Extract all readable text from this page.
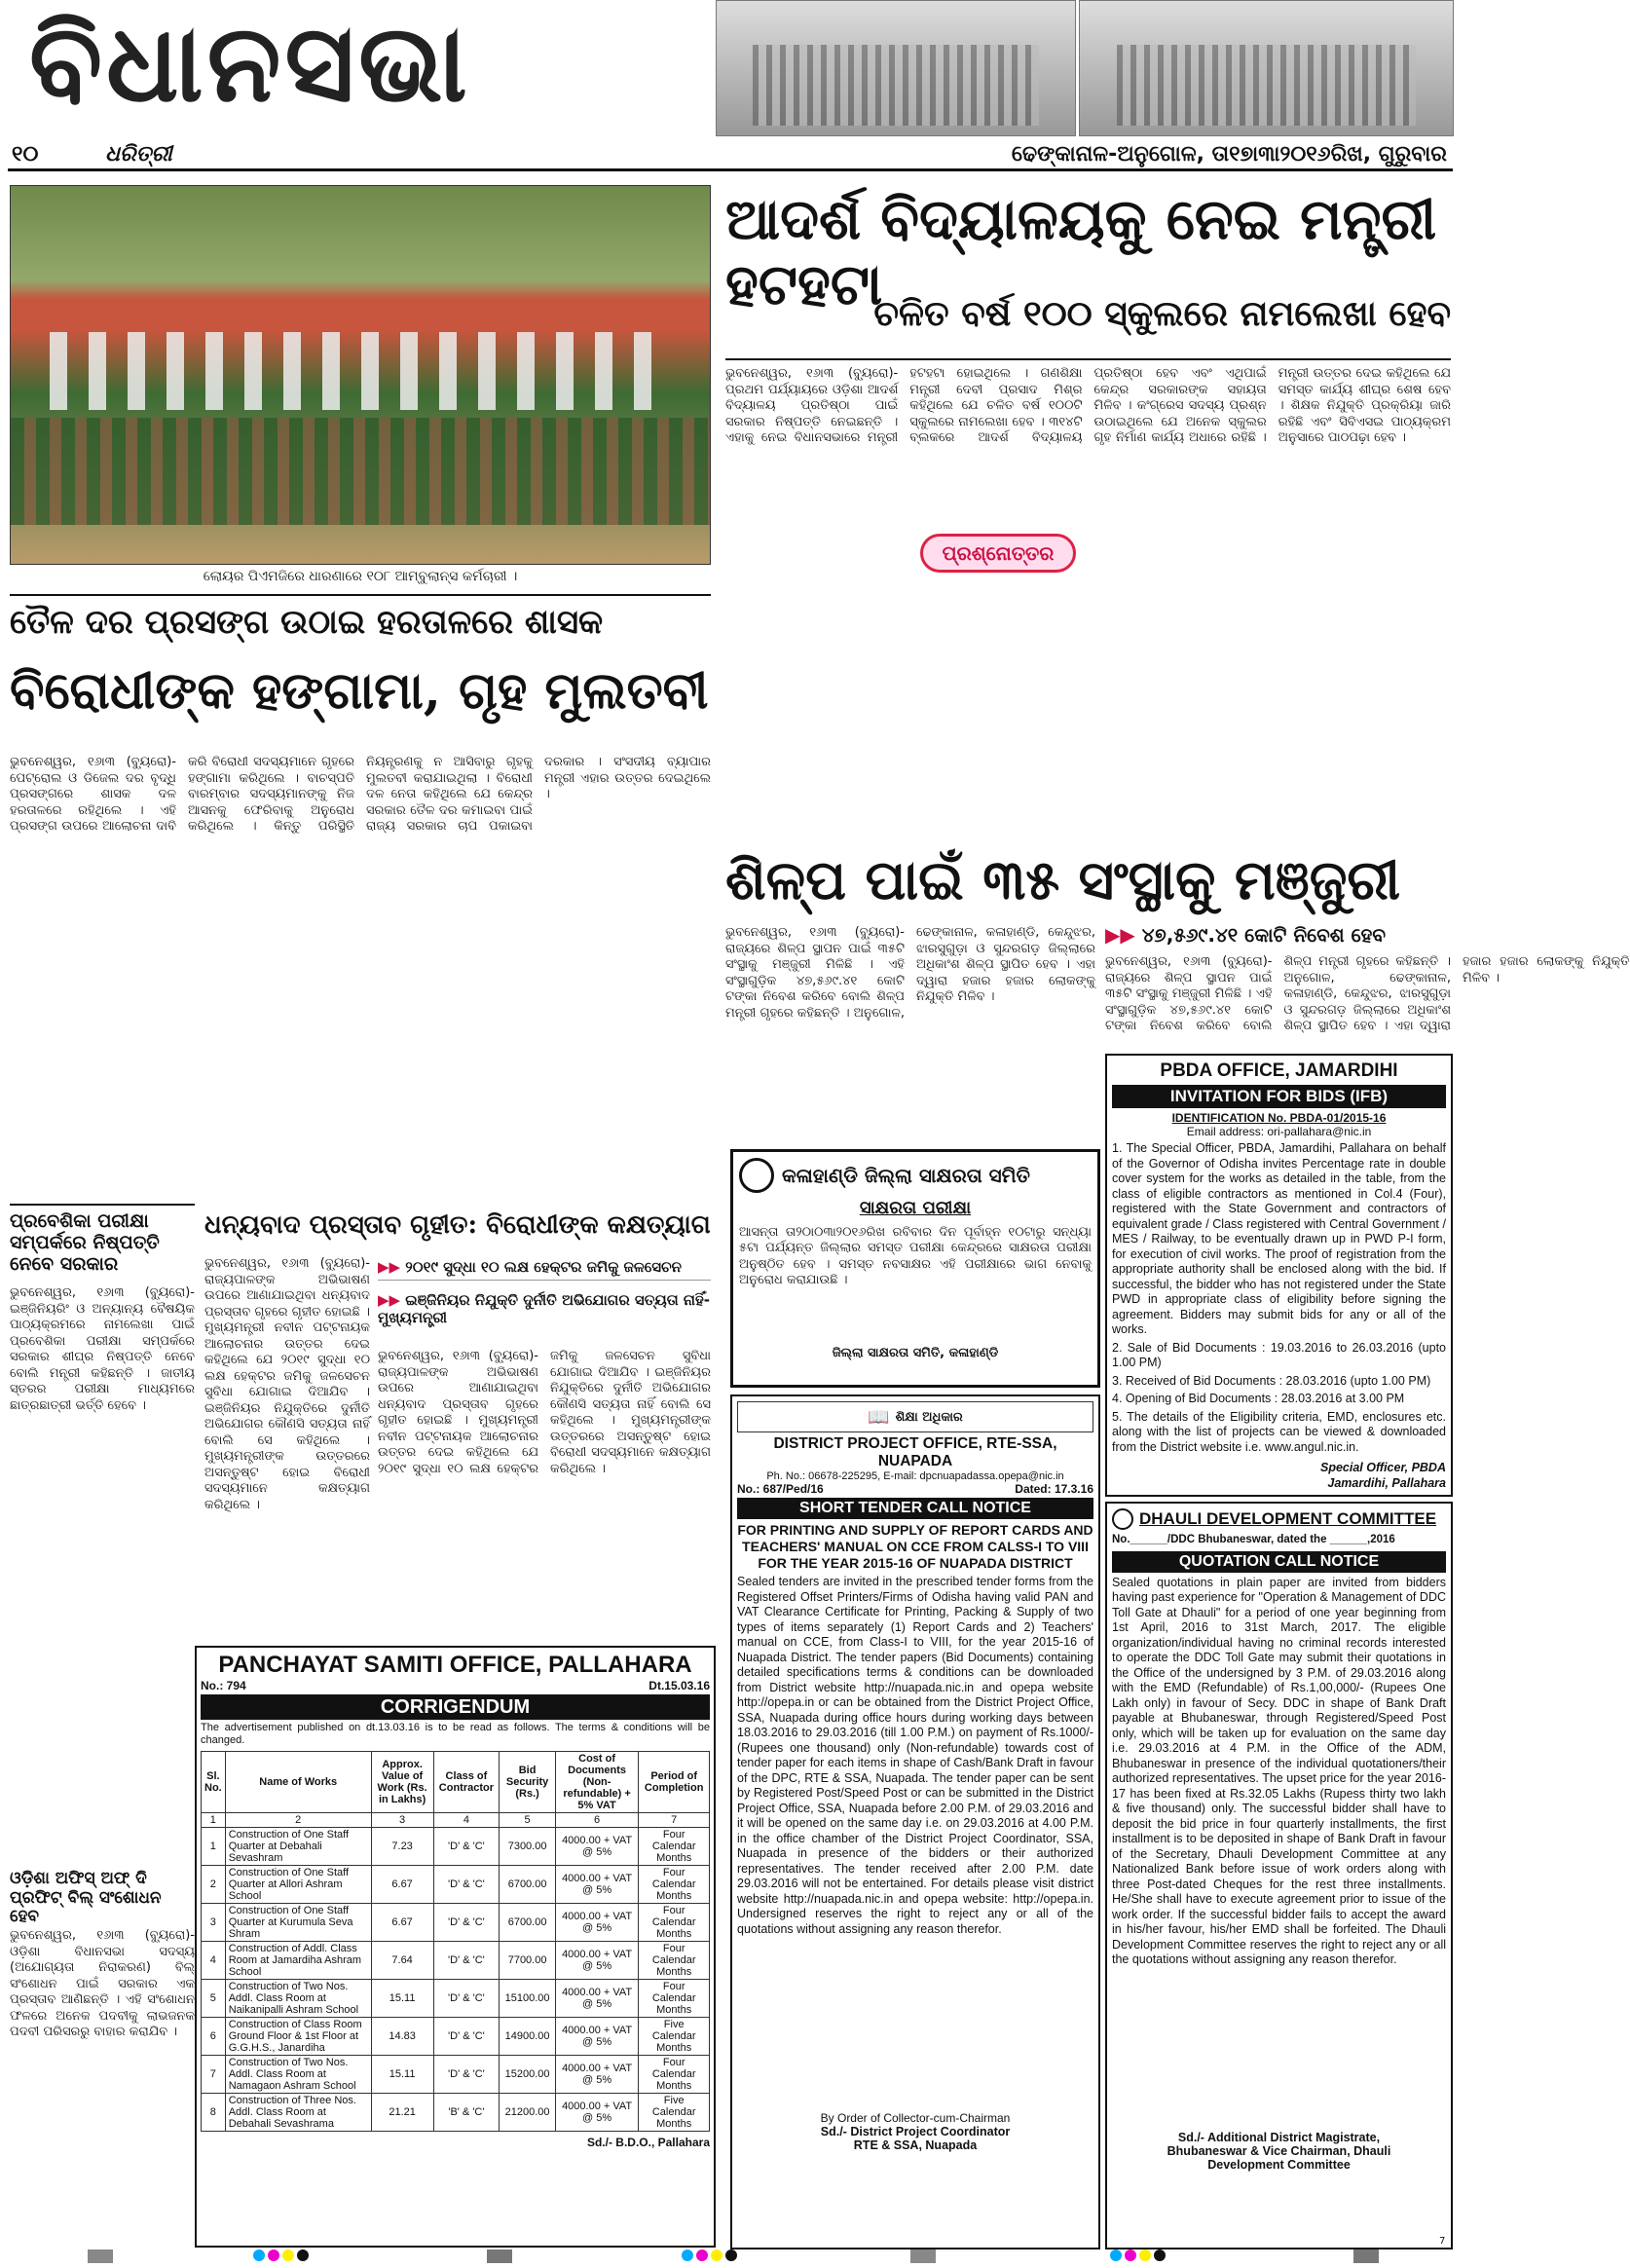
ବିଧାନସଭା
୧୦	ଧରିତ୍ରୀ	ଢେଙ୍କାନାଳ-ଅନୁଗୋଳ, ତା୧୭ା୩ା୨୦୧୬ରିଖ, ଗୁରୁବାର
ଲୋୟର ପିଏମଜିରେ ଧାରଣାରେ ୧୦୮ ଆମ୍ବୁଲାନ୍ସ କର୍ମଚାରୀ ।
ଆଦର୍ଶ ବିଦ୍ୟାଳୟକୁ ନେଇ ମନ୍ତ୍ରୀ ହଟହଟା
ଚଳିତ ବର୍ଷ ୧୦୦ ସ୍କୁଲରେ ନାମଲେଖା ହେବ
ଭୁବନେଶ୍ୱର, ୧୬ା୩ (ବ୍ୟୁରୋ)- ପ୍ରଥମ ପର୍ଯ୍ୟାୟରେ ଓଡ଼ିଶା ଆଦର୍ଶ ବିଦ୍ୟାଳୟ ପ୍ରତିଷ୍ଠା ପାଇଁ ସରକାର ନିଷ୍ପତ୍ତି ନେଇଛନ୍ତି । ଏହାକୁ ନେଇ ବିଧାନସଭାରେ ମନ୍ତ୍ରୀ ହଟହଟା ହୋଇଥିଲେ । ଗଣଶିକ୍ଷା ମନ୍ତ୍ରୀ ଦେବୀ ପ୍ରସାଦ ମିଶ୍ର କହିଥିଲେ ଯେ ଚଳିତ ବର୍ଷ ୧୦୦ଟି ସ୍କୁଲରେ ନାମଲେଖା ହେବ । ୩୧୪ଟି ବ୍ଲକରେ ଆଦର୍ଶ ବିଦ୍ୟାଳୟ ପ୍ରତିଷ୍ଠା ହେବ ଏବଂ ଏଥିପାଇଁ କେନ୍ଦ୍ର ସରକାରଙ୍କ ସହାୟତା ମିଳିବ । କଂଗ୍ରେସ ସଦସ୍ୟ ପ୍ରଶ୍ନ ଉଠାଇଥିଲେ ଯେ ଅନେକ ସ୍କୁଲର ଗୃହ ନିର୍ମାଣ କାର୍ଯ୍ୟ ଅଧାରେ ରହିଛି । ମନ୍ତ୍ରୀ ଉତ୍ତର ଦେଇ କହିଥିଲେ ଯେ ସମସ୍ତ କାର୍ଯ୍ୟ ଶୀଘ୍ର ଶେଷ ହେବ । ଶିକ୍ଷକ ନିଯୁକ୍ତି ପ୍ରକ୍ରିୟା ଜାରି ରହିଛି ଏବଂ ସିବିଏସଇ ପାଠ୍ୟକ୍ରମ ଅନୁସାରେ ପାଠପଢ଼ା ହେବ ।
ପ୍ରଶ୍ନୋତ୍ତର
ତୈଳ ଦର ପ୍ରସଙ୍ଗ ଉଠାଇ ହରତାଳରେ ଶାସକ
ବିରୋଧୀଙ୍କ ହଙ୍ଗାମା, ଗୃହ ମୁଲତବୀ
ଭୁବନେଶ୍ୱର, ୧୬ା୩ (ବ୍ୟୁରୋ)- ପେଟ୍ରୋଲ ଓ ଡିଜେଲ ଦର ବୃଦ୍ଧି ପ୍ରସଙ୍ଗରେ ଶାସକ ଦଳ ହରତାଳରେ ରହିଥିଲେ । ଏହି ପ୍ରସଙ୍ଗ ଉପରେ ଆଲୋଚନା ଦାବି କରି ବିରୋଧୀ ସଦସ୍ୟମାନେ ଗୃହରେ ହଙ୍ଗାମା କରିଥିଲେ । ବାଚସ୍ପତି ବାରମ୍ବାର ସଦସ୍ୟମାନଙ୍କୁ ନିଜ ଆସନକୁ ଫେରିବାକୁ ଅନୁରୋଧ କରିଥିଲେ । କିନ୍ତୁ ପରିସ୍ଥିତି ନିୟନ୍ତ୍ରଣକୁ ନ ଆସିବାରୁ ଗୃହକୁ ମୁଲତବୀ କରାଯାଇଥିଲା । ବିରୋଧୀ ଦଳ ନେତା କହିଥିଲେ ଯେ କେନ୍ଦ୍ର ସରକାର ତୈଳ ଦର କମାଇବା ପାଇଁ ରାଜ୍ୟ ସରକାର ଚାପ ପକାଇବା ଦରକାର । ସଂସଦୀୟ ବ୍ୟାପାର ମନ୍ତ୍ରୀ ଏହାର ଉତ୍ତର ଦେଇଥିଲେ ।
ପ୍ରବେଶିକା ପରୀକ୍ଷା ସମ୍ପର୍କରେ ନିଷ୍ପତ୍ତି ନେବେ ସରକାର
ଭୁବନେଶ୍ୱର, ୧୬ା୩ (ବ୍ୟୁରୋ)- ଇଞ୍ଜିନିୟରିଂ ଓ ଅନ୍ୟାନ୍ୟ ବୈଷୟିକ ପାଠ୍ୟକ୍ରମରେ ନାମଲେଖା ପାଇଁ ପ୍ରବେଶିକା ପରୀକ୍ଷା ସମ୍ପର୍କରେ ସରକାର ଶୀଘ୍ର ନିଷ୍ପତ୍ତି ନେବେ ବୋଲି ମନ୍ତ୍ରୀ କହିଛନ୍ତି । ଜାତୀୟ ସ୍ତରର ପରୀକ୍ଷା ମାଧ୍ୟମରେ ଛାତ୍ରଛାତ୍ରୀ ଭର୍ତ୍ତି ହେବେ ।
ଓଡ଼ିଶା ଅଫିସ୍ ଅଫ୍ ଦି ପ୍ରଫିଟ୍ ବିଲ୍ ସଂଶୋଧନ ହେବ
ଭୁବନେଶ୍ୱର, ୧୬ା୩ (ବ୍ୟୁରୋ)- ଓଡ଼ିଶା ବିଧାନସଭା ସଦସ୍ୟ (ଅଯୋଗ୍ୟତା ନିରାକରଣ) ବିଲ୍ ସଂଶୋଧନ ପାଇଁ ସରକାର ଏକ ପ୍ରସ୍ତାବ ଆଣିଛନ୍ତି । ଏହି ସଂଶୋଧନ ଫଳରେ ଅନେକ ପଦବୀକୁ ଲାଭଜନକ ପଦବୀ ପରିସରରୁ ବାହାର କରାଯିବ ।
ଧନ୍ୟବାଦ ପ୍ରସ୍ତାବ ଗୃହୀତ: ବିରୋଧୀଙ୍କ କକ୍ଷତ୍ୟାଗ
ଭୁବନେଶ୍ୱର, ୧୬ା୩ (ବ୍ୟୁରୋ)- ରାଜ୍ୟପାଳଙ୍କ ଅଭିଭାଷଣ ଉପରେ ଆଣାଯାଇଥିବା ଧନ୍ୟବାଦ ପ୍ରସ୍ତାବ ଗୃହରେ ଗୃହୀତ ହୋଇଛି । ମୁଖ୍ୟମନ୍ତ୍ରୀ ନବୀନ ପଟ୍ଟନାୟକ ଆଲୋଚନାର ଉତ୍ତର ଦେଇ କହିଥିଲେ ଯେ ୨୦୧୯ ସୁଦ୍ଧା ୧୦ ଲକ୍ଷ ହେକ୍ଟର ଜମିକୁ ଜଳସେଚନ ସୁବିଧା ଯୋଗାଇ ଦିଆଯିବ । ଇଞ୍ଜିନିୟର ନିଯୁକ୍ତିରେ ଦୁର୍ନୀତି ଅଭିଯୋଗର କୌଣସି ସତ୍ୟତା ନାହିଁ ବୋଲି ସେ କହିଥିଲେ । ମୁଖ୍ୟମନ୍ତ୍ରୀଙ୍କ ଉତ୍ତରରେ ଅସନ୍ତୁଷ୍ଟ ହୋଇ ବିରୋଧୀ ସଦସ୍ୟମାନେ କକ୍ଷତ୍ୟାଗ କରିଥିଲେ ।
▶▶ ୨୦୧୯ ସୁଦ୍ଧା ୧୦ ଲକ୍ଷ ହେକ୍ଟର ଜମିକୁ ଜଳସେଚନ
▶▶ ଇଞ୍ଜିନିୟର ନିଯୁକ୍ତି ଦୁର୍ନୀତି ଅଭିଯୋଗର ସତ୍ୟତା ନାହିଁ-ମୁଖ୍ୟମନ୍ତ୍ରୀ
ଭୁବନେଶ୍ୱର, ୧୬ା୩ (ବ୍ୟୁରୋ)- ରାଜ୍ୟପାଳଙ୍କ ଅଭିଭାଷଣ ଉପରେ ଆଣାଯାଇଥିବା ଧନ୍ୟବାଦ ପ୍ରସ୍ତାବ ଗୃହରେ ଗୃହୀତ ହୋଇଛି । ମୁଖ୍ୟମନ୍ତ୍ରୀ ନବୀନ ପଟ୍ଟନାୟକ ଆଲୋଚନାର ଉତ୍ତର ଦେଇ କହିଥିଲେ ଯେ ୨୦୧୯ ସୁଦ୍ଧା ୧୦ ଲକ୍ଷ ହେକ୍ଟର ଜମିକୁ ଜଳସେଚନ ସୁବିଧା ଯୋଗାଇ ଦିଆଯିବ । ଇଞ୍ଜିନିୟର ନିଯୁକ୍ତିରେ ଦୁର୍ନୀତି ଅଭିଯୋଗର କୌଣସି ସତ୍ୟତା ନାହିଁ ବୋଲି ସେ କହିଥିଲେ । ମୁଖ୍ୟମନ୍ତ୍ରୀଙ୍କ ଉତ୍ତରରେ ଅସନ୍ତୁଷ୍ଟ ହୋଇ ବିରୋଧୀ ସଦସ୍ୟମାନେ କକ୍ଷତ୍ୟାଗ କରିଥିଲେ ।
PANCHAYAT SAMITI OFFICE, PALLAHARA
No.: 794	Dt.15.03.16
CORRIGENDUM
The advertisement published on dt.13.03.16 is to be read as follows. The terms & conditions will be changed.
Sl. No.	Name of Works	Approx. Value of Work (Rs. in Lakhs)	Class of Contractor	Bid Security (Rs.)	Cost of Documents (Non-refundable) + 5% VAT	Period of Completion
1	2	3	4	5	6	7
1	Construction of One Staff Quarter at Debahali Sevashram	7.23	'D' & 'C'	7300.00	4000.00 + VAT @ 5%	Four Calendar Months
2	Construction of One Staff Quarter at Allori Ashram School	6.67	'D' & 'C'	6700.00	4000.00 + VAT @ 5%	Four Calendar Months
3	Construction of One Staff Quarter at Kurumula Seva Shram	6.67	'D' & 'C'	6700.00	4000.00 + VAT @ 5%	Four Calendar Months
4	Construction of Addl. Class Room at Jamardiha Ashram School	7.64	'D' & 'C'	7700.00	4000.00 + VAT @ 5%	Four Calendar Months
5	Construction of Two Nos. Addl. Class Room at Naikanipalli Ashram School	15.11	'D' & 'C'	15100.00	4000.00 + VAT @ 5%	Four Calendar Months
6	Construction of Class Room Ground Floor & 1st Floor at G.G.H.S., Janardiha	14.83	'D' & 'C'	14900.00	4000.00 + VAT @ 5%	Five Calendar Months
7	Construction of Two Nos. Addl. Class Room at Namagaon Ashram School	15.11	'D' & 'C'	15200.00	4000.00 + VAT @ 5%	Four Calendar Months
8	Construction of Three Nos. Addl. Class Room at Debahali Sevashrama	21.21	'B' & 'C'	21200.00	4000.00 + VAT @ 5%	Five Calendar Months
Sd./- B.D.O., Pallahara
ଶିଳ୍ପ ପାଇଁ ୩୫ ସଂସ୍ଥାକୁ ମଞ୍ଜୁରୀ
ଭୁବନେଶ୍ୱର, ୧୬ା୩ (ବ୍ୟୁରୋ)- ରାଜ୍ୟରେ ଶିଳ୍ପ ସ୍ଥାପନ ପାଇଁ ୩୫ଟି ସଂସ୍ଥାକୁ ମଞ୍ଜୁରୀ ମିଳିଛି । ଏହି ସଂସ୍ଥାଗୁଡ଼ିକ ୪୭,୫୬୯.୪୧ କୋଟି ଟଙ୍କା ନିବେଶ କରିବେ ବୋଲି ଶିଳ୍ପ ମନ୍ତ୍ରୀ ଗୃହରେ କହିଛନ୍ତି । ଅନୁଗୋଳ, ଢେଙ୍କାନାଳ, କଳାହାଣ୍ଡି, କେନ୍ଦୁଝର, ଝାରସୁଗୁଡ଼ା ଓ ସୁନ୍ଦରଗଡ଼ ଜିଲ୍ଲାରେ ଅଧିକାଂଶ ଶିଳ୍ପ ସ୍ଥାପିତ ହେବ । ଏହା ଦ୍ୱାରା ହଜାର ହଜାର ଲୋକଙ୍କୁ ନିଯୁକ୍ତି ମିଳିବ ।
▶▶ ୪୭,୫୬୯.୪୧ କୋଟି ନିବେଶ ହେବ
ଭୁବନେଶ୍ୱର, ୧୬ା୩ (ବ୍ୟୁରୋ)- ରାଜ୍ୟରେ ଶିଳ୍ପ ସ୍ଥାପନ ପାଇଁ ୩୫ଟି ସଂସ୍ଥାକୁ ମଞ୍ଜୁରୀ ମିଳିଛି । ଏହି ସଂସ୍ଥାଗୁଡ଼ିକ ୪୭,୫୬୯.୪୧ କୋଟି ଟଙ୍କା ନିବେଶ କରିବେ ବୋଲି ଶିଳ୍ପ ମନ୍ତ୍ରୀ ଗୃହରେ କହିଛନ୍ତି । ଅନୁଗୋଳ, ଢେଙ୍କାନାଳ, କଳାହାଣ୍ଡି, କେନ୍ଦୁଝର, ଝାରସୁଗୁଡ଼ା ଓ ସୁନ୍ଦରଗଡ଼ ଜିଲ୍ଲାରେ ଅଧିକାଂଶ ଶିଳ୍ପ ସ୍ଥାପିତ ହେବ । ଏହା ଦ୍ୱାରା ହଜାର ହଜାର ଲୋକଙ୍କୁ ନିଯୁକ୍ତି ମିଳିବ ।
କଳାହାଣ୍ଡି ଜିଲ୍ଲା ସାକ୍ଷରତା ସମିତି
ସାକ୍ଷରତା ପରୀକ୍ଷା
ଆସନ୍ତା ତା୨୦ା୦୩ା୨୦୧୬ରିଖ ରବିବାର ଦିନ ପୂର୍ବାହ୍ନ ୧୦ଟାରୁ ସନ୍ଧ୍ୟା ୫ଟା ପର୍ଯ୍ୟନ୍ତ ଜିଲ୍ଲାର ସମସ୍ତ ପରୀକ୍ଷା କେନ୍ଦ୍ରରେ ସାକ୍ଷରତା ପରୀକ୍ଷା ଅନୁଷ୍ଠିତ ହେବ । ସମସ୍ତ ନବସାକ୍ଷର ଏହି ପରୀକ୍ଷାରେ ଭାଗ ନେବାକୁ ଅନୁରୋଧ କରାଯାଉଛି ।
ଜିଲ୍ଲା ସାକ୍ଷରତା ସମିତି, କଳାହାଣ୍ଡି
📖 ଶିକ୍ଷା ଅଧିକାର
DISTRICT PROJECT OFFICE, RTE-SSA, NUAPADA
Ph. No.: 06678-225295, E-mail: dpcnuapadassa.opepa@nic.in
No.: 687/Ped/16	Dated: 17.3.16
SHORT TENDER CALL NOTICE
FOR PRINTING AND SUPPLY OF REPORT CARDS AND TEACHERS' MANUAL ON CCE FROM CALSS-I TO VIII FOR THE YEAR 2015-16 OF NUAPADA DISTRICT
Sealed tenders are invited in the prescribed tender forms from the Registered Offset Printers/Firms of Odisha having valid PAN and VAT Clearance Certificate for Printing, Packing & Supply of two types of items separately (1) Report Cards and 2) Teachers' manual on CCE, from Class-I to VIII, for the year 2015-16 of Nuapada District. The tender papers (Bid Documents) containing detailed specifications terms & conditions can be downloaded from District website http://nuapada.nic.in and opepa website http://opepa.in or can be obtained from the District Project Office, SSA, Nuapada during office hours during working days between 18.03.2016 to 29.03.2016 (till 1.00 P.M.) on payment of Rs.1000/- (Rupees one thousand) only (Non-refundable) towards cost of tender paper for each items in shape of Cash/Bank Draft in favour of the DPC, RTE & SSA, Nuapada. The tender paper can be sent by Registered Post/Speed Post or can be submitted in the District Project Office, SSA, Nuapada before 2.00 P.M. of 29.03.2016 and it will be opened on the same day i.e. on 29.03.2016 at 4.00 P.M. in the office chamber of the District Project Coordinator, SSA, Nuapada in presence of the bidders or their authorized representatives. The tender received after 2.00 P.M. date 29.03.2016 will not be entertained. For details please visit district website http://nuapada.nic.in and opepa website: http://opepa.in. Undersigned reserves the right to reject any or all of the quotations without assigning any reason therefor.
By Order of Collector-cum-Chairman
Sd./- District Project Coordinator
RTE & SSA, Nuapada
PBDA OFFICE, JAMARDIHI
INVITATION FOR BIDS (IFB)
IDENTIFICATION No. PBDA-01/2015-16
Email address: ori-pallahara@nic.in
1. The Special Officer, PBDA, Jamardihi, Pallahara on behalf of the Governor of Odisha invites Percentage rate in double cover system for the works as detailed in the table, from the class of eligible contractors as mentioned in Col.4 (Four), registered with the State Government and contractors of equivalent grade / Class registered with Central Government / MES / Railway, to be eventually drawn up in PWD P-I form, for execution of civil works. The proof of registration from the appropriate authority shall be enclosed along with the bid. If successful, the bidder who has not registered under the State PWD in appropriate class of eligibility before signing the agreement. Bidders may submit bids for any or all of the works.
2. Sale of Bid Documents : 19.03.2016 to 26.03.2016 (upto 1.00 PM)
3. Received of Bid Documents : 28.03.2016 (upto 1.00 PM)
4. Opening of Bid Documents : 28.03.2016 at 3.00 PM
5. The details of the Eligibility criteria, EMD, enclosures etc. along with the list of projects can be viewed & downloaded from the District website i.e. www.angul.nic.in.
Special Officer, PBDA
Jamardihi, Pallahara
DHAULI DEVELOPMENT COMMITTEE
No.______/DDC Bhubaneswar, dated the ______,2016
QUOTATION CALL NOTICE
Sealed quotations in plain paper are invited from bidders having past experience for "Operation & Management of DDC Toll Gate at Dhauli" for a period of one year beginning from 1st April, 2016 to 31st March, 2017. The eligible organization/individual having no criminal records interested to operate the DDC Toll Gate may submit their quotations in the Office of the undersigned by 3 P.M. of 29.03.2016 along with the EMD (Refundable) of Rs.1,00,000/- (Rupees One Lakh only) in favour of Secy. DDC in shape of Bank Draft payable at Bhubaneswar, through Registered/Speed Post only, which will be taken up for evaluation on the same day i.e. 29.03.2016 at 4 P.M. in the Office of the ADM, Bhubaneswar in presence of the individual quotationers/their authorized representatives. The upset price for the year 2016-17 has been fixed at Rs.32.05 Lakhs (Rupess thirty two lakh & five thousand) only. The successful bidder shall have to deposit the bid price in four quarterly installments, the first installment is to be deposited in shape of Bank Draft in favour of the Secretary, Dhauli Development Committee at any Nationalized Bank before issue of work orders along with three Post-dated Cheques for the rest three installments. He/She shall have to execute agreement prior to issue of the work order. If the successful bidder fails to accept the award in his/her favour, his/her EMD shall be forfeited. The Dhauli Development Committee reserves the right to reject any or all the quotations without assigning any reason therefor.
Sd./- Additional District Magistrate,
Bhubaneswar & Vice Chairman, Dhauli
Development Committee
7
